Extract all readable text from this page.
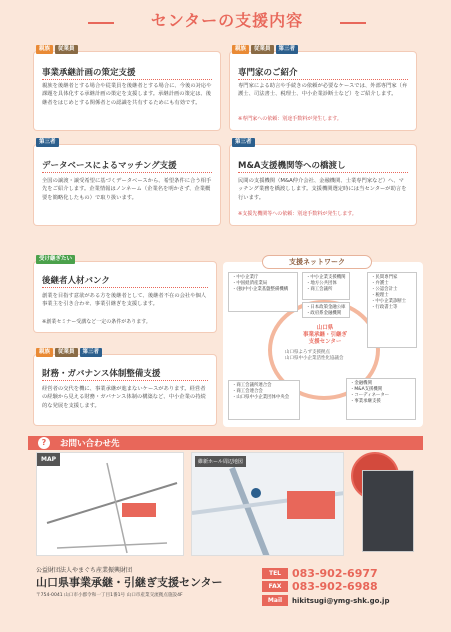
センターの支援内容
親族	従業員
事業承継計画の策定支援
親族を後継者とする場合や従業員を後継者とする場合に、今後の対応や課題を具体化する承継計画の策定を支援します。承継計画の策定は、後継者をはじめとする関係者との認識を共有するためにも有効です。
親族	従業員	第三者
専門家のご紹介
専門家による助言や手続きの依頼が必要なケースでは、外部専門家（弁護士、司法書士、税理士、中小企業診断士など）をご紹介します。
※専門家への依頼：別途手数料が発生します。
第三者
データベースによるマッチング支援
全国の譲渡・譲受希望に基づくデータベースから、希望条件に合う相手先をご紹介します。企業情報はノンネーム（企業名を明かさず、企業概要を簡略化したもの）で取り扱います。
第三者
M&A支援機関等への橋渡し
民間の支援機関（M&A仲介会社、金融機関、士業専門家など）へ、マッチング業務を橋渡しします。支援機関選定時には当センターが助言を行います。
※支援先機関等への依頼：別途手数料が発生します。
受け継ぎたい
後継者人材バンク
創業を目指す意欲がある方を後継者として、後継者不在の会社や個人事業主を引き合わせ、事業引継ぎを支援します。
※創業セミナー受講など一定の条件があります。
親族	従業員	第三者
財務・ガバナンス体制整備支援
経営者の交代を機に、事業承継が進まないケースがあります。経営者の経験から見える財務・ガバナンス体制の構築など、中小企業の持続的な発展を支援します。
支援ネットワーク
山口県
事業承継・引継ぎ
支援センター
山口県よろず支援拠点
山口県中小企業活性化協議会
・中小企業庁
・中国経済産業局
・(独)中小企業基盤整備機構
・中小企業支援機関
・地方公共団体
・商工会議所
・日本政策金融公庫
・政府系金融機関
・民間専門家
・弁護士
・公認会計士
・税理士
・中小企業診断士
・行政書士等
・商工会議所連合会
・商工会連合会
・山口県中小企業団体中央会
・金融機関
・M&A支援機関
・コーディネーター
・事業承継支援
?	お問い合わせ先
MAP	維新ホール周辺地図
公益財団法人やまぐち産業振興財団
山口県事業承継・引継ぎ支援センター
〒754-0041 山口市小郡令和一丁目1番1号 山口市産業交流拠点施設4F
TEL	083-902-6977
FAX 083-902-6988
Mail	hikitsugi@ymg-shk.go.jp
